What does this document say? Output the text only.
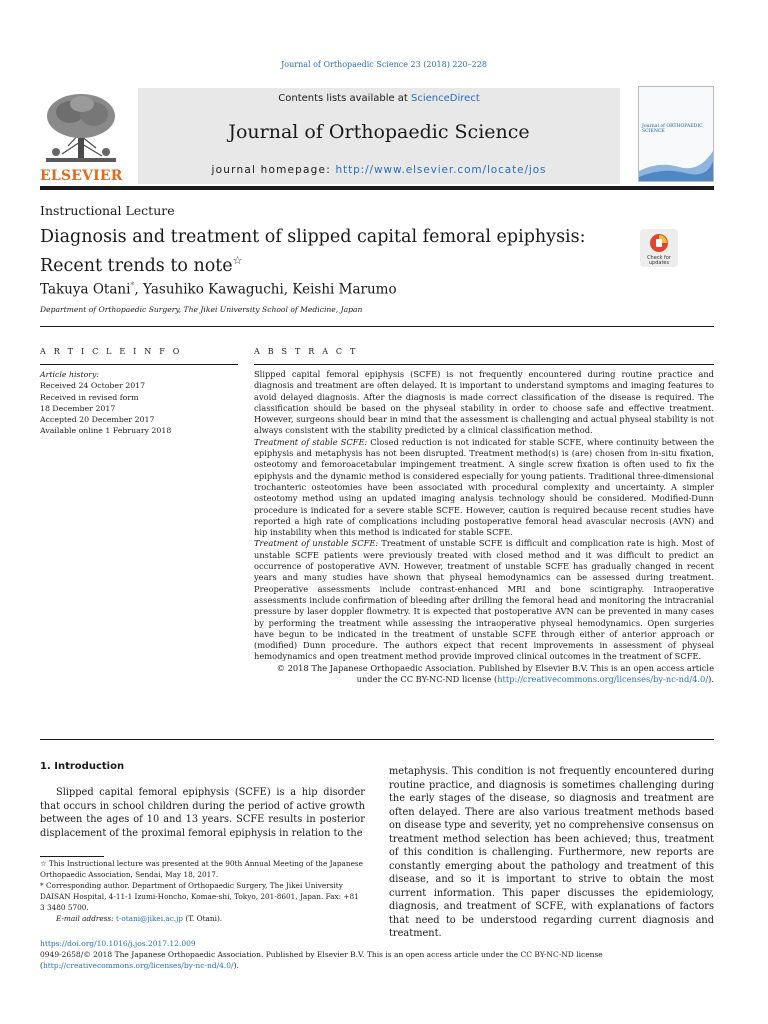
Journal of Orthopaedic Science 23 (2018) 220–228
ELSEVIER
Contents lists available at ScienceDirect
Journal of Orthopaedic Science
journal homepage: http://www.elsevier.com/locate/jos
Journal of ORTHOPAEDIC SCIENCE
Instructional Lecture
Diagnosis and treatment of slipped capital femoral epiphysis: Recent trends to note☆	Check for
updates
Takuya Otani*, Yasuhiko Kawaguchi, Keishi Marumo
Department of Orthopaedic Surgery, The Jikei University School of Medicine, Japan
A R T I C L E I N F O
Article history:
Received 24 October 2017
Received in revised form
18 December 2017
Accepted 20 December 2017
Available online 1 February 2018
A B S T R A C T

Slipped capital femoral epiphysis (SCFE) is not frequently encountered during routine practice and diagnosis and treatment are often delayed. It is important to understand symptoms and imaging features to avoid delayed diagnosis. After the diagnosis is made correct classification of the disease is required. The classification should be based on the physeal stability in order to choose safe and effective treatment. However, surgeons should bear in mind that the assessment is challenging and actual physeal stability is not always consistent with the stability predicted by a clinical classification method.

Treatment of stable SCFE: Closed reduction is not indicated for stable SCFE, where continuity between the epiphysis and metaphysis has not been disrupted. Treatment method(s) is (are) chosen from in-situ fixation, osteotomy and femoroacetabular impingement treatment. A single screw fixation is often used to fix the epiphysis and the dynamic method is considered especially for young patients. Traditional three-dimensional trochanteric osteotomies have been associated with procedural complexity and uncertainty. A simpler osteotomy method using an updated imaging analysis technology should be considered. Modified-Dunn procedure is indicated for a severe stable SCFE. However, caution is required because recent studies have reported a high rate of complications including postoperative femoral head avascular necrosis (AVN) and hip instability when this method is indicated for stable SCFE.

Treatment of unstable SCFE: Treatment of unstable SCFE is difficult and complication rate is high. Most of unstable SCFE patients were previously treated with closed method and it was difficult to predict an occurrence of postoperative AVN. However, treatment of unstable SCFE has gradually changed in recent years and many studies have shown that physeal hemodynamics can be assessed during treatment. Preoperative assessments include contrast-enhanced MRI and bone scintigraphy. Intraoperative assessments include confirmation of bleeding after drilling the femoral head and monitoring the intracranial pressure by laser doppler flowmetry. It is expected that postoperative AVN can be prevented in many cases by performing the treatment while assessing the intraoperative physeal hemodynamics. Open surgeries have begun to be indicated in the treatment of unstable SCFE through either of anterior approach or (modified) Dunn procedure. The authors expect that recent improvements in assessment of physeal hemodynamics and open treatment method provide improved clinical outcomes in the treatment of SCFE.

© 2018 The Japanese Orthopaedic Association. Published by Elsevier B.V. This is an open access article

under the CC BY-NC-ND license (http://creativecommons.org/licenses/by-nc-nd/4.0/).

1. Introduction
Slipped capital femoral epiphysis (SCFE) is a hip disorder that occurs in school children during the period of active growth between the ages of 10 and 13 years. SCFE results in posterior displacement of the proximal femoral epiphysis in relation to the
metaphysis. This condition is not frequently encountered during routine practice, and diagnosis is sometimes challenging during the early stages of the disease, so diagnosis and treatment are often delayed. There are also various treatment methods based on disease type and severity, yet no comprehensive consensus on treatment method selection has been achieved; thus, treatment of this condition is challenging. Furthermore, new reports are constantly emerging about the pathology and treatment of this disease, and so it is important to strive to obtain the most current information. This paper discusses the epidemiology, diagnosis, and treatment of SCFE, with explanations of factors that need to be understood regarding current diagnosis and treatment.

☆ This Instructional lecture was presented at the 90th Annual Meeting of the Japanese Orthopaedic Association, Sendai, May 18, 2017.

* Corresponding author. Department of Orthopaedic Surgery, The Jikei University DAISAN Hospital, 4-11-1 Izumi-Honcho, Komae-shi, Tokyo, 201-8601, Japan. Fax: +81 3 3480 5700.

E-mail address: t-otani@jikei.ac.jp (T. Otani).

https://doi.org/10.1016/j.jos.2017.12.009
0949-2658/© 2018 The Japanese Orthopaedic Association. Published by Elsevier B.V. This is an open access article under the CC BY-NC-ND license (http://creativecommons.org/licenses/by-nc-nd/4.0/).
